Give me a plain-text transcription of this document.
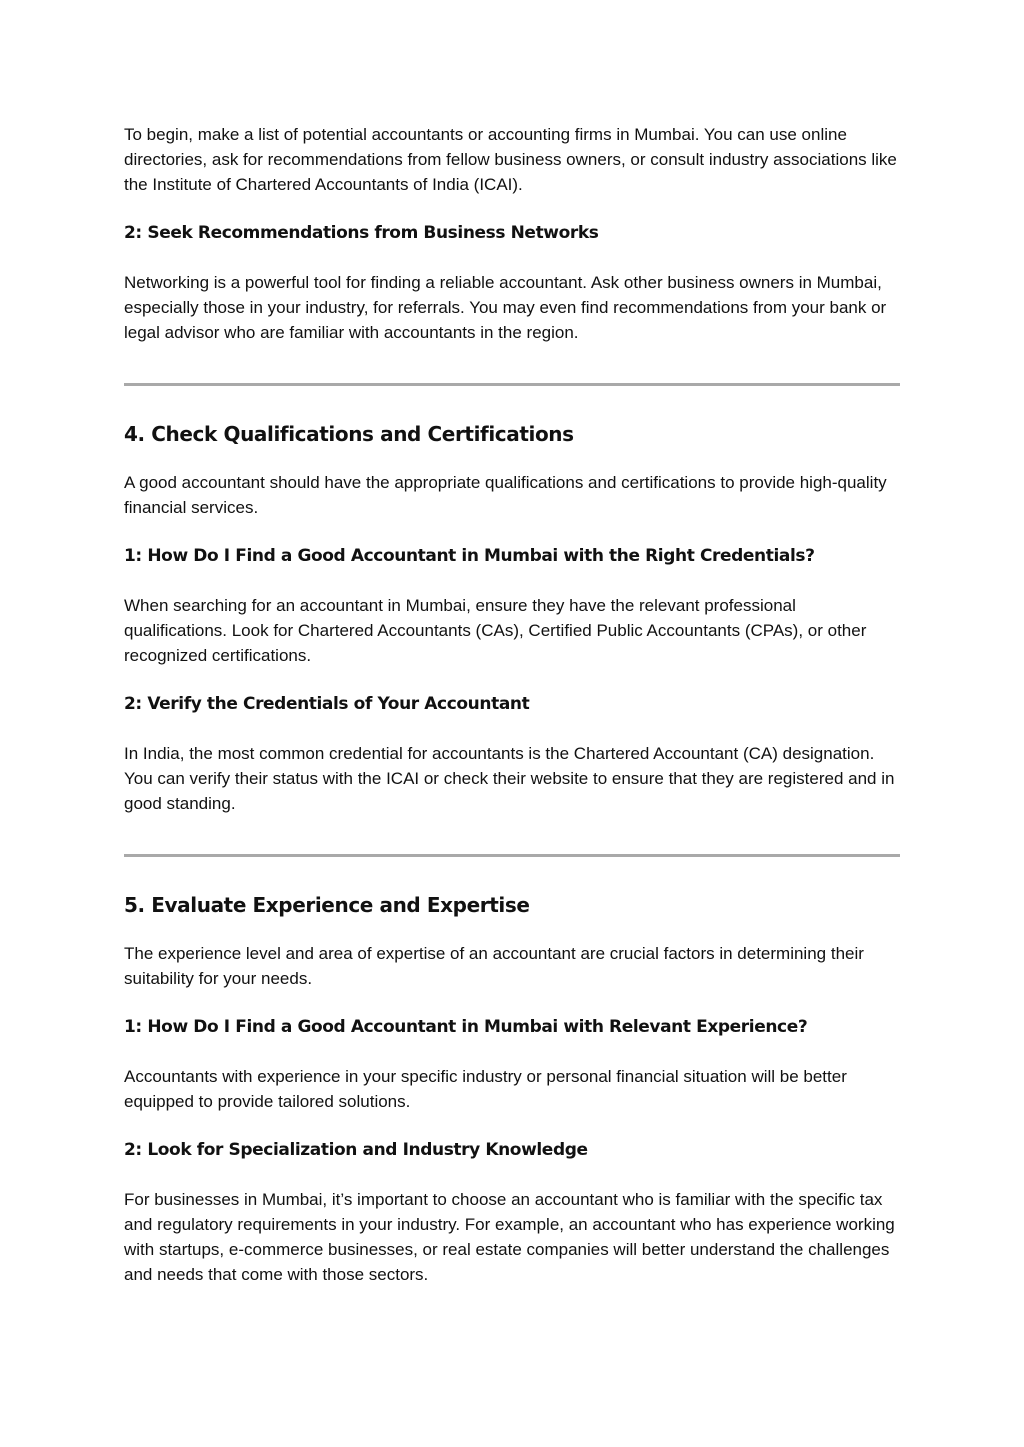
To begin, make a list of potential accountants or accounting firms in Mumbai. You can use online directories, ask for recommendations from fellow business owners, or consult industry associations like the Institute of Chartered Accountants of India (ICAI).

2: Seek Recommendations from Business Networks

Networking is a powerful tool for finding a reliable accountant. Ask other business owners in Mumbai, especially those in your industry, for referrals. You may even find recommendations from your bank or legal advisor who are familiar with accountants in the region.

4. Check Qualifications and Certifications

A good accountant should have the appropriate qualifications and certifications to provide high-quality financial services.

1: How Do I Find a Good Accountant in Mumbai with the Right Credentials?

When searching for an accountant in Mumbai, ensure they have the relevant professional qualifications. Look for Chartered Accountants (CAs), Certified Public Accountants (CPAs), or other recognized certifications.

2: Verify the Credentials of Your Accountant

In India, the most common credential for accountants is the Chartered Accountant (CA) designation. You can verify their status with the ICAI or check their website to ensure that they are registered and in good standing.

5. Evaluate Experience and Expertise

The experience level and area of expertise of an accountant are crucial factors in determining their suitability for your needs.

1: How Do I Find a Good Accountant in Mumbai with Relevant Experience?

Accountants with experience in your specific industry or personal financial situation will be better equipped to provide tailored solutions.

2: Look for Specialization and Industry Knowledge

For businesses in Mumbai, it’s important to choose an accountant who is familiar with the specific tax and regulatory requirements in your industry. For example, an accountant who has experience working with startups, e-commerce businesses, or real estate companies will better understand the challenges and needs that come with those sectors.
